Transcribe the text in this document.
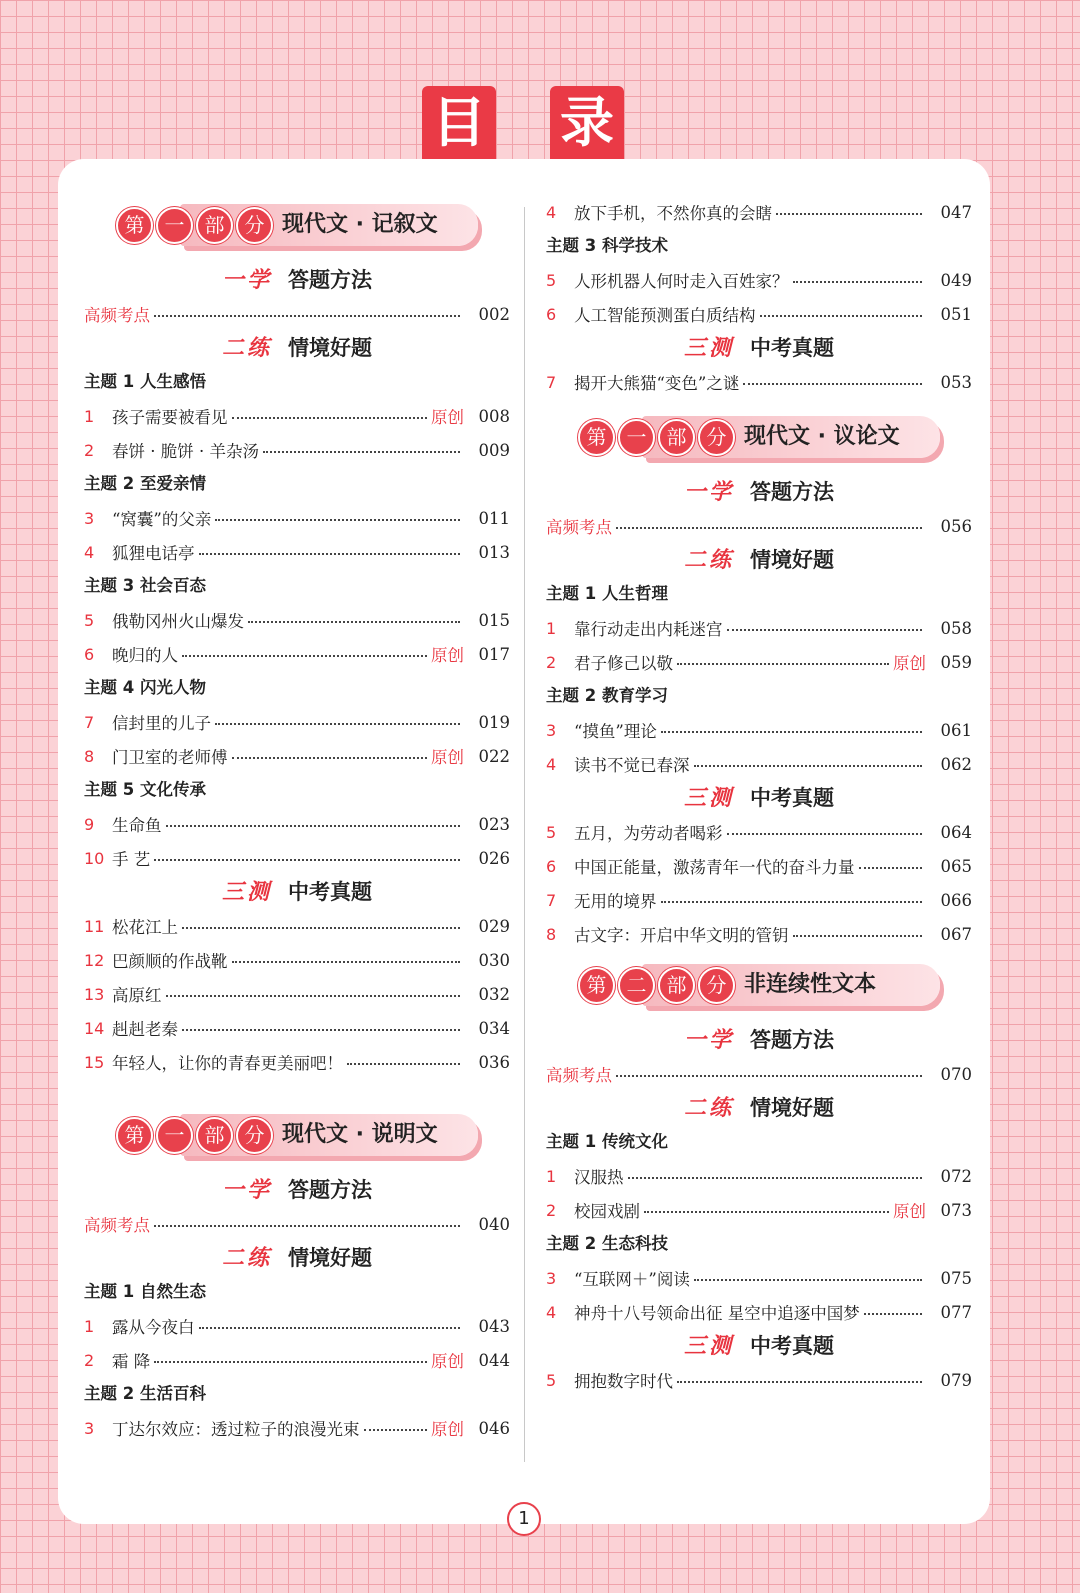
目 录
现代文 · 记叙文
第	一	部	分
一学 答题方法
高频考点	002
二练 情境好题
主题 1 人生感悟
1	孩子需要被看见	原创 008
2	春饼 · 脆饼 · 羊杂汤	009
主题 2 至爱亲情
3	“窝囊”的父亲	011
4	狐狸电话亭	013
主题 3 社会百态
5	俄勒冈州火山爆发	015
6	晚归的人	原创 017
主题 4 闪光人物
7	信封里的儿子	019
8	门卫室的老师傅	原创 022
主题 5 文化传承
9	生命鱼	023
10 手 艺	026
三测 中考真题
11 松花江上	029
12 巴颜顺的作战靴	030
13 高原红	032
14 赳赳老秦	034
15 年轻人，让你的青春更美丽吧！	036
现代文 · 说明文
第	一	部	分
一学 答题方法
高频考点	040
二练 情境好题
主题 1 自然生态
1	露从今夜白	043
2	霜 降	原创 044
主题 2 生活百科
3	丁达尔效应：透过粒子的浪漫光束	原创 046
4	放下手机，不然你真的会瞎	047
主题 3 科学技术
5	人形机器人何时走入百姓家？	049
6	人工智能预测蛋白质结构	051
三测 中考真题
7	揭开大熊猫“变色”之谜	053
现代文 · 议论文
第	一	部	分
一学 答题方法
高频考点	056
二练 情境好题
主题 1 人生哲理
1	靠行动走出内耗迷宫	058
2	君子修己以敬	原创 059
主题 2 教育学习
3	“摸鱼”理论	061
4	读书不觉已春深	062
三测 中考真题
5	五月，为劳动者喝彩	064
6	中国正能量，激荡青年一代的奋斗力量	065
7	无用的境界	066
8	古文字：开启中华文明的管钥	067
非连续性文本
第	二	部	分
一学 答题方法
高频考点	070
二练 情境好题
主题 1 传统文化
1	汉服热	072
2	校园戏剧	原创 073
主题 2 生态科技
3	“互联网＋”阅读	075
4	神舟十八号领命出征 星空中追逐中国梦	077
三测 中考真题
5	拥抱数字时代	079
1
